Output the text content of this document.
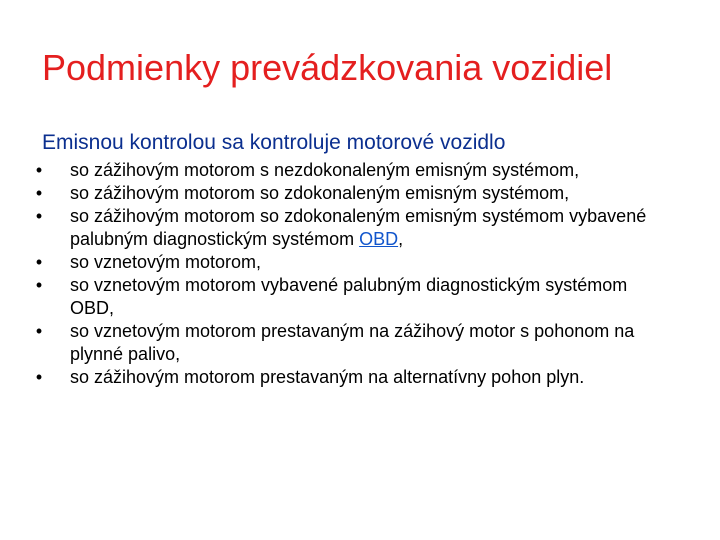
Podmienky prevádzkovania vozidiel
Emisnou kontrolou sa kontroluje motorové vozidlo
•	so zážihovým motorom s nezdokonaleným emisným systémom,
•	so zážihovým motorom so zdokonaleným emisným systémom,
•	so zážihovým motorom so zdokonaleným emisným systémom vybavené palubným diagnostickým systémom OBD,
•	so vznetovým motorom,
•	so vznetovým motorom vybavené palubným diagnostickým systémom OBD,
•	so vznetovým motorom prestavaným na zážihový motor s pohonom na plynné palivo,
•	so zážihovým motorom prestavaným na alternatívny pohon plyn.
